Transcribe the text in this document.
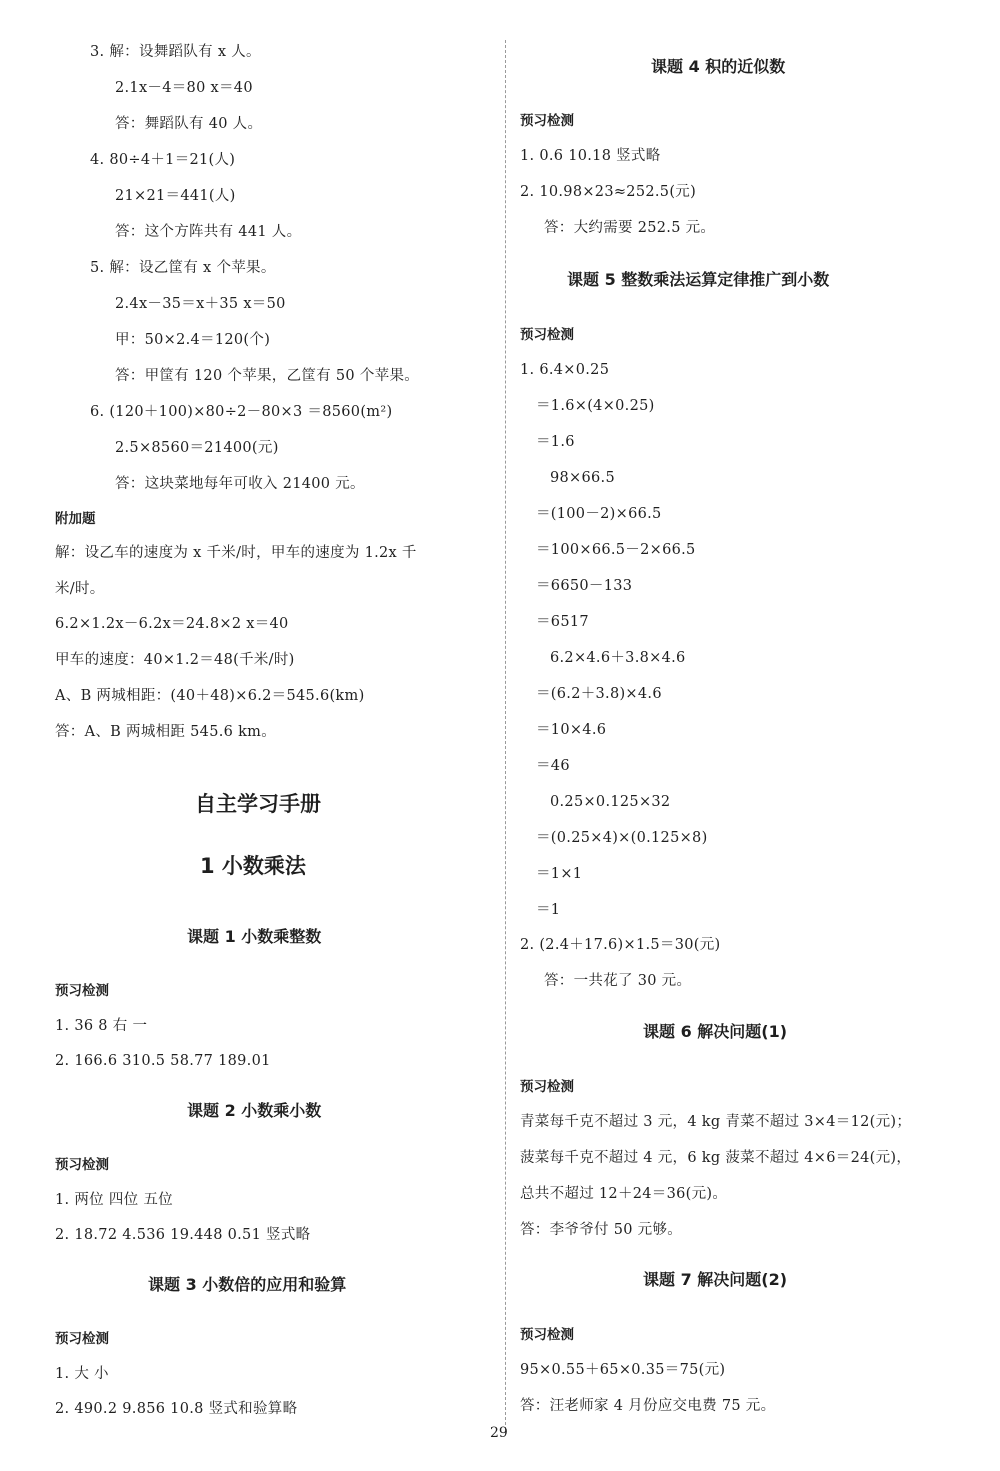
3. 解：设舞蹈队有 x 人。
2.1x－4＝80 x＝40
答：舞蹈队有 40 人。
4. 80÷4＋1＝21(人)
21×21＝441(人)
答：这个方阵共有 441 人。
5. 解：设乙筐有 x 个苹果。
2.4x－35＝x＋35 x＝50
甲：50×2.4＝120(个)
答：甲筐有 120 个苹果，乙筐有 50 个苹果。
6. (120＋100)×80÷2－80×3 ＝8560(m²)
2.5×8560＝21400(元)
答：这块菜地每年可收入 21400 元。
附加题
解：设乙车的速度为 x 千米/时，甲车的速度为 1.2x 千
米/时。
6.2×1.2x－6.2x＝24.8×2 x＝40
甲车的速度：40×1.2＝48(千米/时)
A、B 两城相距：(40＋48)×6.2＝545.6(km)
答：A、B 两城相距 545.6 km。
自主学习手册
1 小数乘法
课题 1 小数乘整数
预习检测
1. 36 8 右 一
2. 166.6 310.5 58.77 189.01
课题 2 小数乘小数
预习检测
1. 两位 四位 五位
2. 18.72 4.536 19.448 0.51 竖式略
课题 3 小数倍的应用和验算
预习检测
1. 大 小
2. 490.2 9.856 10.8 竖式和验算略
课题 4 积的近似数
预习检测
1. 0.6 10.18 竖式略
2. 10.98×23≈252.5(元)
答：大约需要 252.5 元。
课题 5 整数乘法运算定律推广到小数
预习检测
1. 6.4×0.25
＝1.6×(4×0.25)
＝1.6
98×66.5
＝(100－2)×66.5
＝100×66.5－2×66.5
＝6650－133
＝6517
6.2×4.6＋3.8×4.6
＝(6.2＋3.8)×4.6
＝10×4.6
＝46
0.25×0.125×32
＝(0.25×4)×(0.125×8)
＝1×1
＝1
2. (2.4＋17.6)×1.5＝30(元)
答：一共花了 30 元。
课题 6 解决问题(1)
预习检测
青菜每千克不超过 3 元，4 kg 青菜不超过 3×4＝12(元)；
菠菜每千克不超过 4 元，6 kg 菠菜不超过 4×6＝24(元)，
总共不超过 12＋24＝36(元)。
答：李爷爷付 50 元够。
课题 7 解决问题(2)
预习检测
95×0.55＋65×0.35＝75(元)
答：汪老师家 4 月份应交电费 75 元。
29
